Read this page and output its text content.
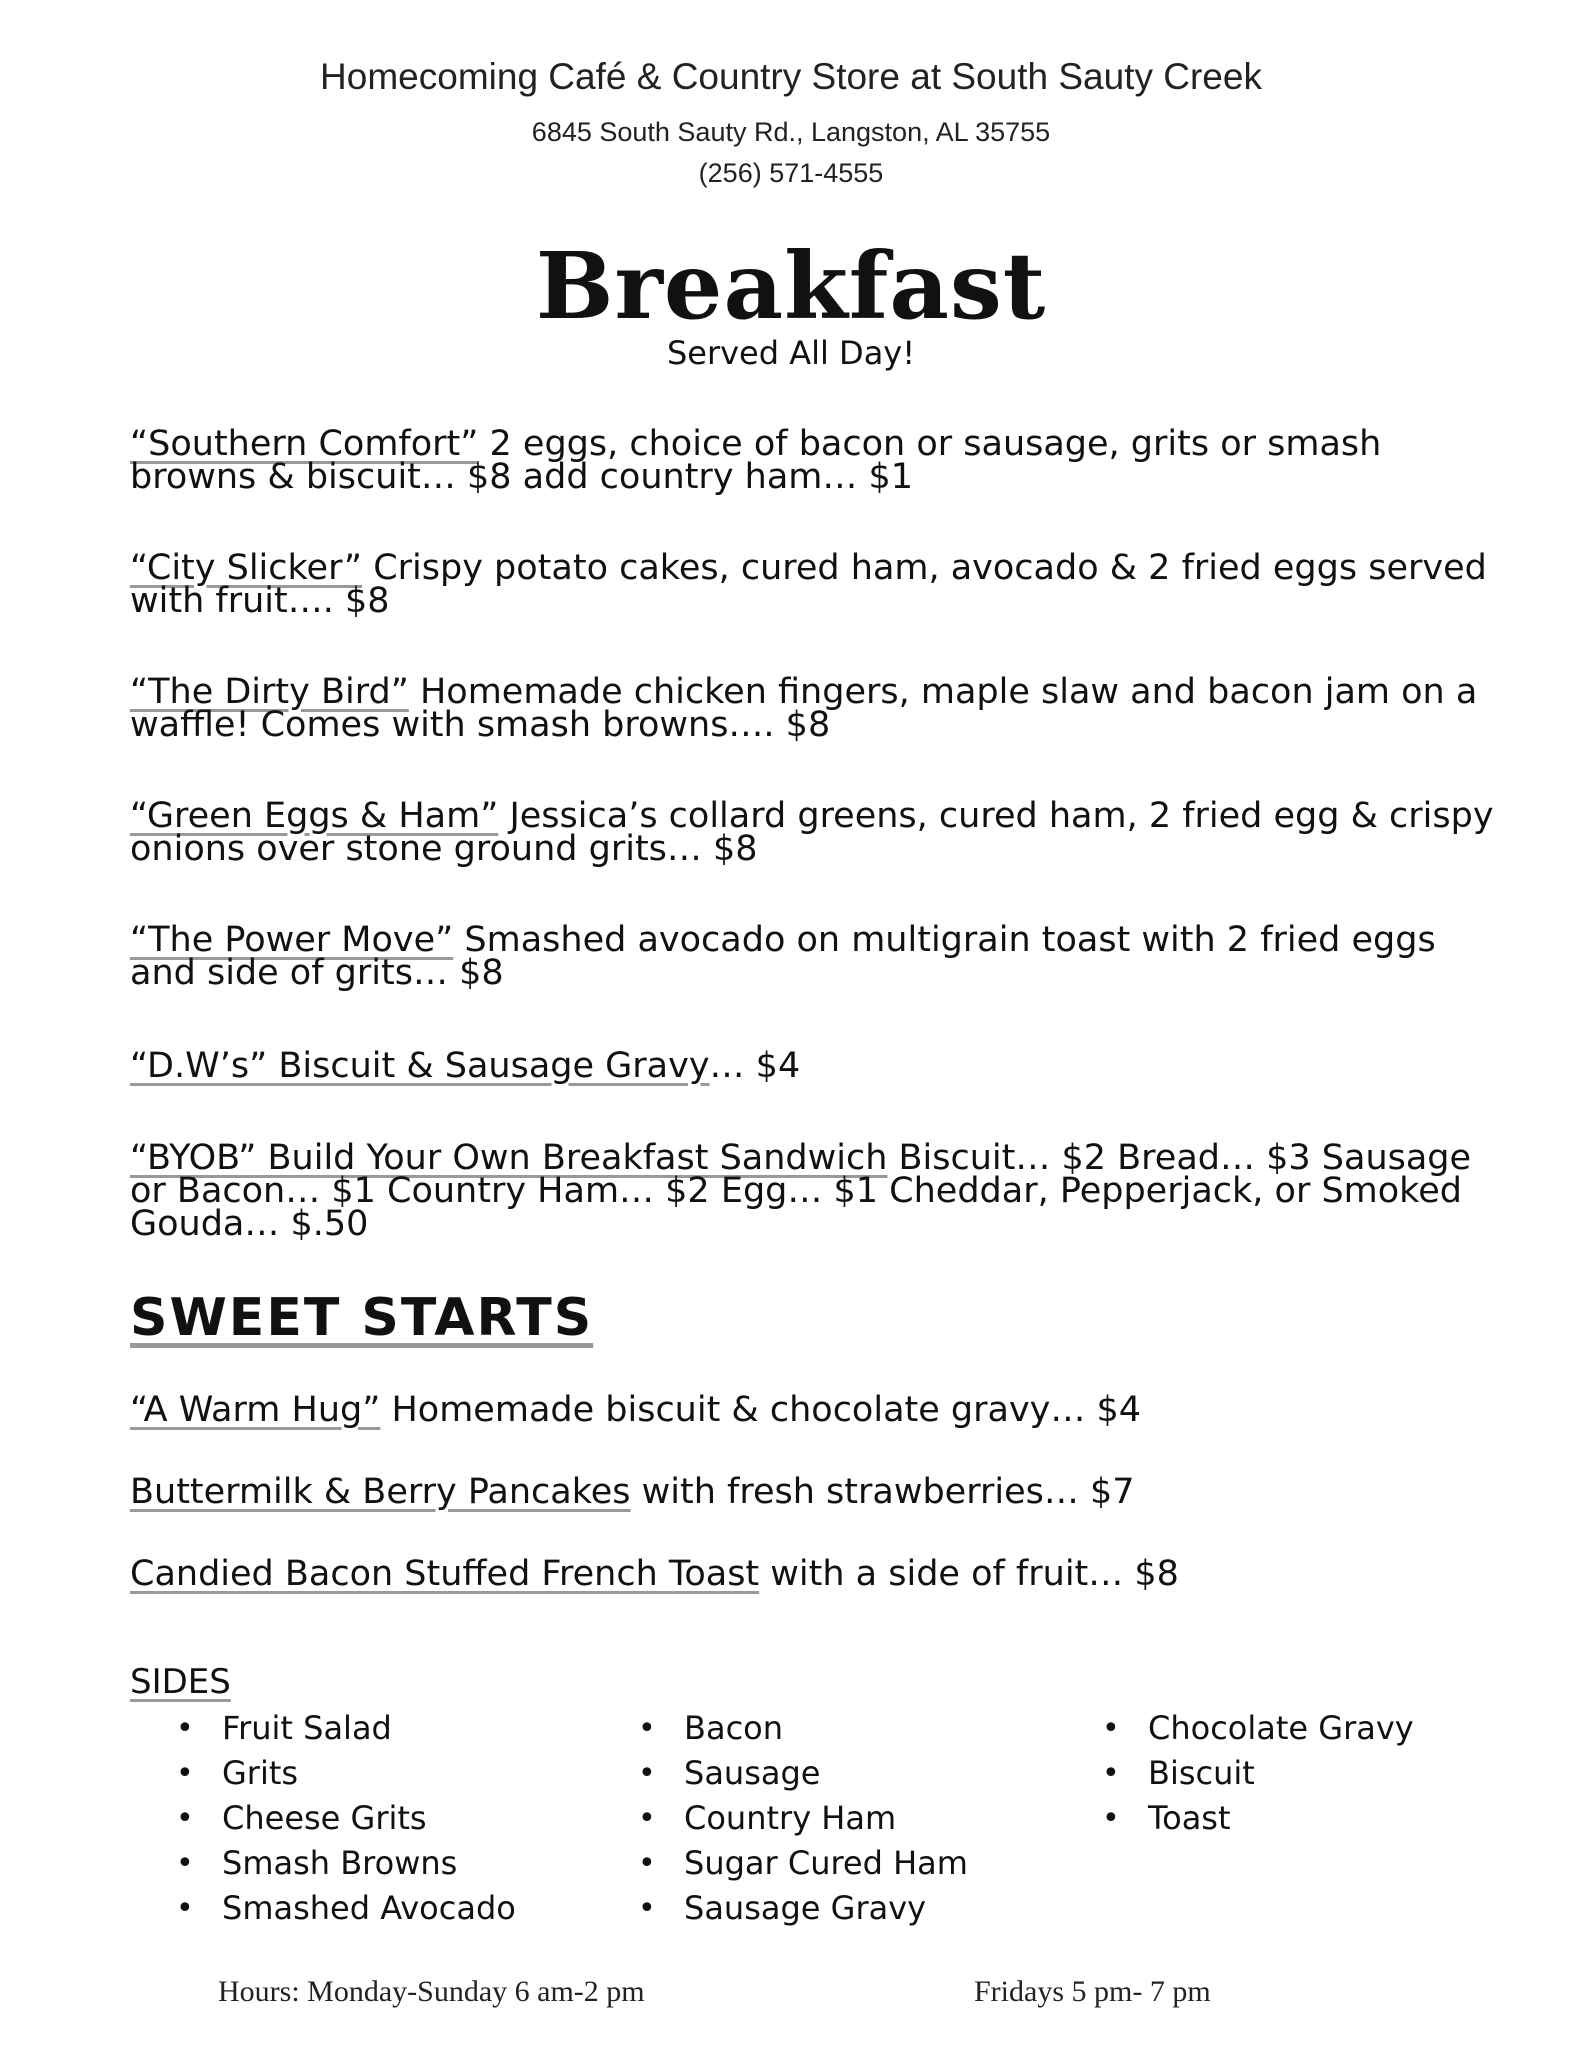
Homecoming Café & Country Store at South Sauty Creek
6845 South Sauty Rd., Langston, AL 35755
(256) 571-4555
Breakfast
Served All Day!
“Southern Comfort” 2 eggs, choice of bacon or sausage, grits or smash browns & biscuit… $8 add country ham… $1
“City Slicker” Crispy potato cakes, cured ham, avocado & 2 fried eggs served with fruit…. $8
“The Dirty Bird” Homemade chicken fingers, maple slaw and bacon jam on a waffle! Comes with smash browns…. $8
“Green Eggs & Ham” Jessica’s collard greens, cured ham, 2 fried egg & crispy onions over stone ground grits… $8
“The Power Move” Smashed avocado on multigrain toast with 2 fried eggs and side of grits… $8
“D.W’s” Biscuit & Sausage Gravy… $4
“BYOB” Build Your Own Breakfast Sandwich Biscuit… $2 Bread… $3 Sausage or Bacon… $1 Country Ham… $2 Egg… $1 Cheddar, Pepperjack, or Smoked Gouda… $.50
SWEET STARTS
“A Warm Hug” Homemade biscuit & chocolate gravy… $4
Buttermilk & Berry Pancakes with fresh strawberries… $7
Candied Bacon Stuffed French Toast with a side of fruit… $8
SIDES
• Fruit Salad
• Grits
• Cheese Grits
• Smash Browns
• Smashed Avocado
• Bacon
• Sausage
• Country Ham
• Sugar Cured Ham
• Sausage Gravy
• Chocolate Gravy
• Biscuit
• Toast
Hours: Monday-Sunday 6 am-2 pm	Fridays 5 pm- 7 pm
